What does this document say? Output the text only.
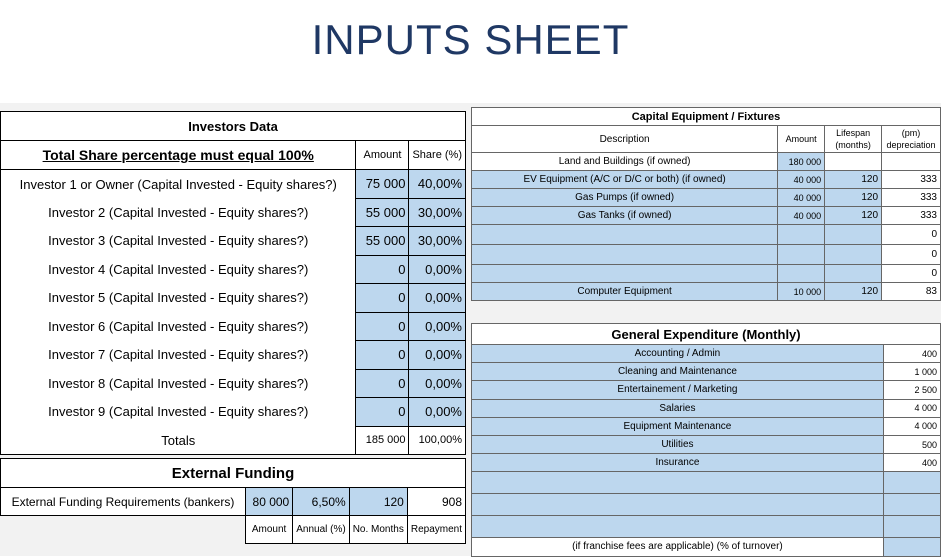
INPUTS SHEET
Investors Data		
Total Share percentage must equal 100%	Amount	Share (%)
Investor 1 or Owner (Capital Invested - Equity shares?)	75 000	40,00%
Investor 2 (Capital Invested - Equity shares?)	55 000	30,00%
Investor 3 (Capital Invested - Equity shares?)	55 000	30,00%
Investor 4 (Capital Invested - Equity shares?)	0	0,00%
Investor 5 (Capital Invested - Equity shares?)	0	0,00%
Investor 6 (Capital Invested - Equity shares?)	0	0,00%
Investor 7 (Capital Invested - Equity shares?)	0	0,00%
Investor 8 (Capital Invested - Equity shares?)	0	0,00%
Investor 9 (Capital Invested - Equity shares?)	0	0,00%
Totals	185 000	100,00%
External Funding				
External Funding Requirements (bankers)	80 000	6,50%	120	908
	Amount	Annual (%)	No. Months	Repayment
Capital Equipment / Fixtures			
Description	Amount	Lifespan (months)	(pm) depreciation
Land and Buildings (if owned)	180 000		
EV Equipment (A/C or D/C or both) (if owned)	40 000	120	333
Gas Pumps (if owned)	40 000	120	333
Gas Tanks (if owned)	40 000	120	333
			0
			0
			0
Computer Equipment	10 000	120	83
General Expenditure (Monthly)	
Accounting / Admin	400
Cleaning and Maintenance	1 000
Entertainement / Marketing	2 500
Salaries	4 000
Equipment Maintenance	4 000
Utilities	500
Insurance	400

(if franchise fees are applicable) (% of turnover)	
